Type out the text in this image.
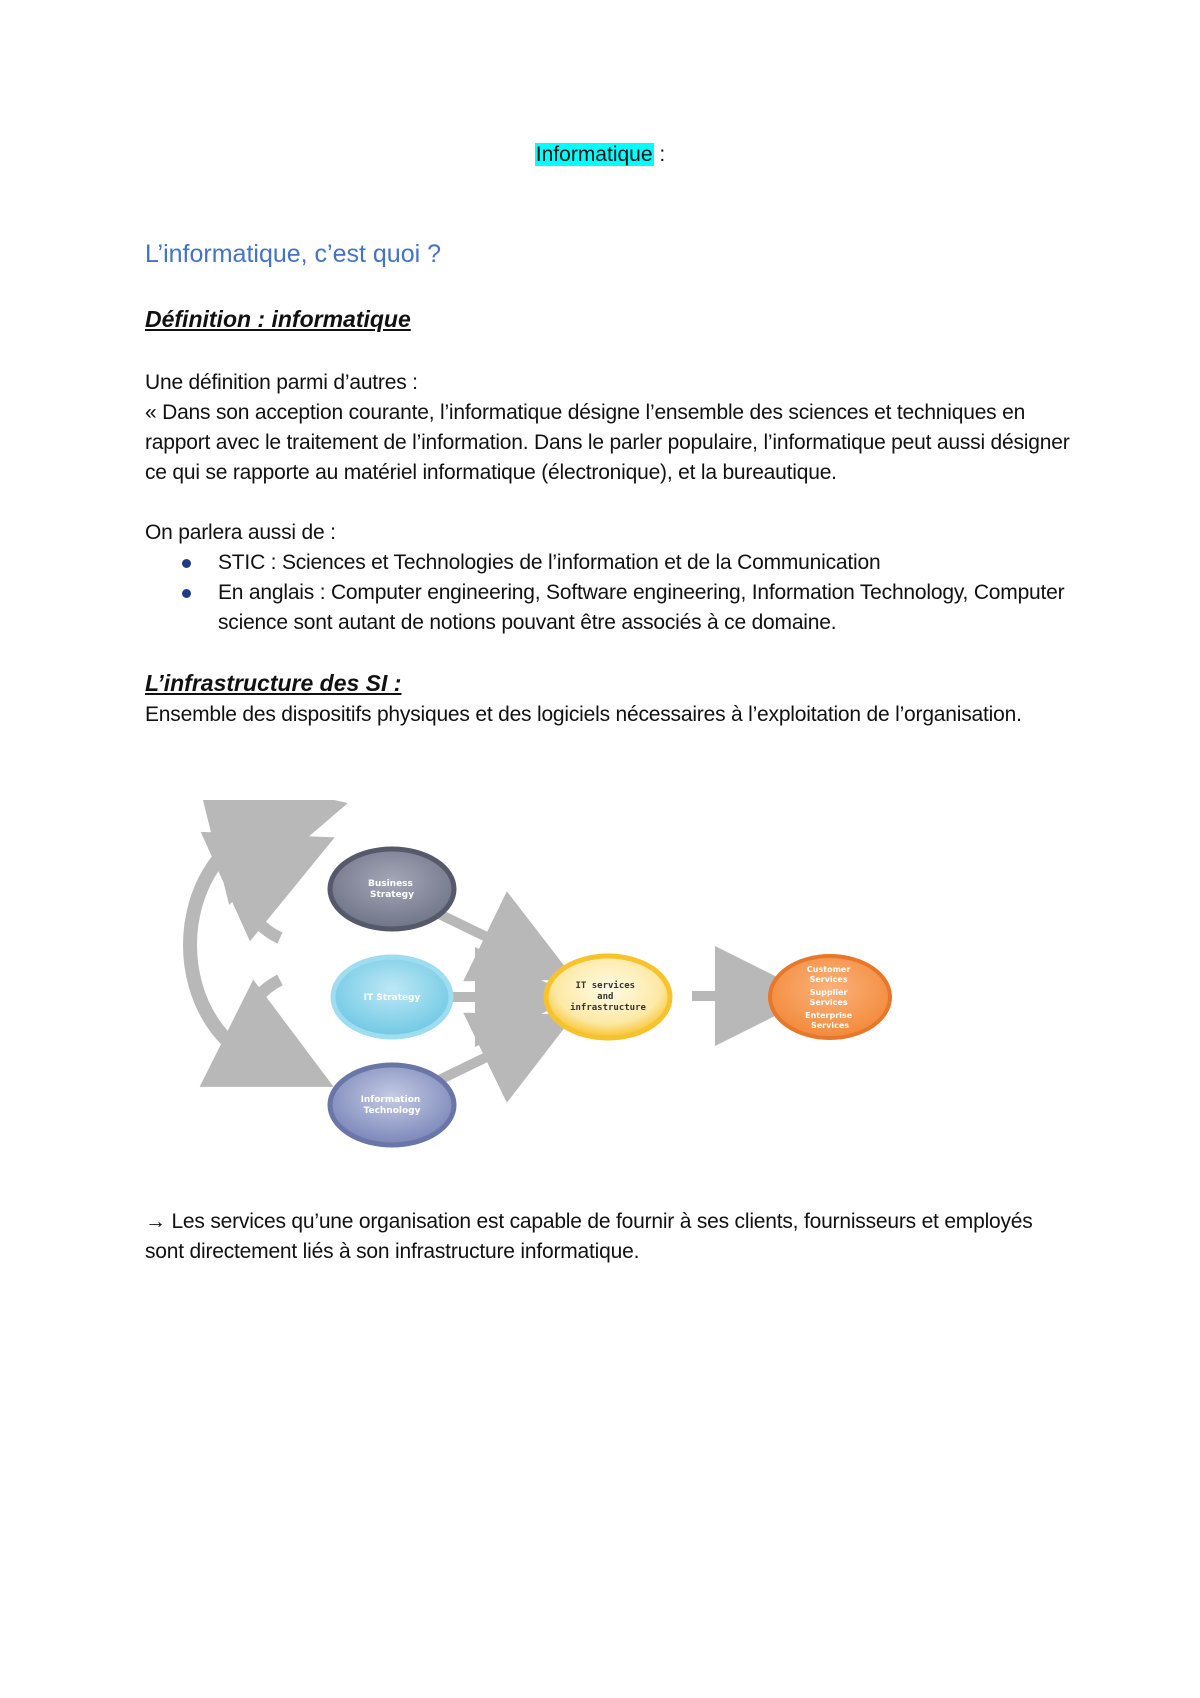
Informatique :
L’informatique, c’est quoi ?
Définition : informatique

Une définition parmi d’autres :

« Dans son acception courante, l’informatique désigne l’ensemble des sciences et techniques en rapport avec le traitement de l’information. Dans le parler populaire, l’informatique peut aussi désigner ce qui se rapporte au matériel informatique (électronique), et la bureautique.

On parlera aussi de :
STIC : Sciences et Technologies de l’information et de la Communication
En anglais : Computer engineering, Software engineering, Information Technology, Computer science sont autant de notions pouvant être associés à ce domaine.
L’infrastructure des SI :
Ensemble des dispositifs physiques et des logiciels nécessaires à l’exploitation de l’organisation.
Business Strategy
IT Strategy
Information Technology
IT services and infrastructure
Customer Services Supplier Services Enterprise Services
→ Les services qu’une organisation est capable de fournir à ses clients, fournisseurs et employés sont directement liés à son infrastructure informatique.
